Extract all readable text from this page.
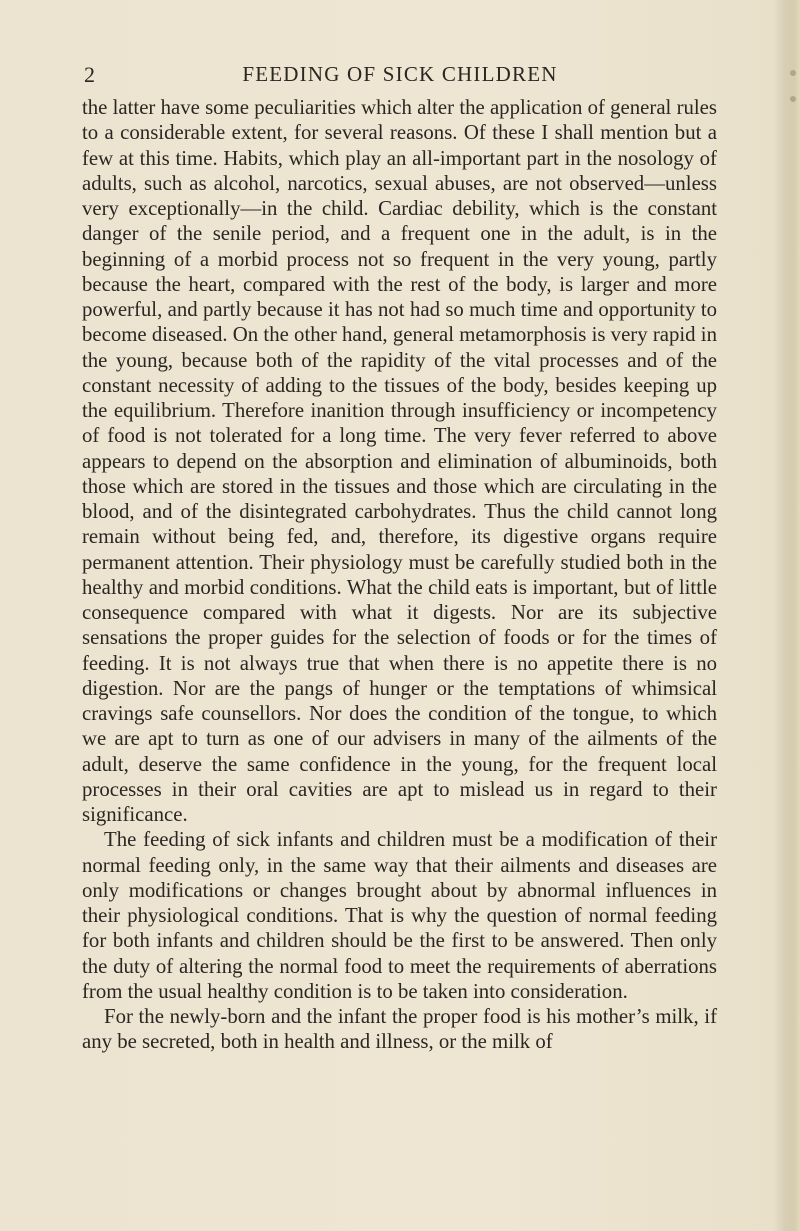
2	FEEDING OF SICK CHILDREN

the latter have some peculiarities which alter the application of general rules to a considerable extent, for several reasons. Of these I shall mention but a few at this time. Habits, which play an all-important part in the nosology of adults, such as alcohol, narcotics, sexual abuses, are not observed—unless very exceptionally—in the child. Cardiac debility, which is the constant danger of the senile period, and a frequent one in the adult, is in the beginning of a morbid process not so frequent in the very young, partly because the heart, compared with the rest of the body, is larger and more powerful, and partly because it has not had so much time and opportunity to become diseased. On the other hand, general metamorphosis is very rapid in the young, because both of the rapidity of the vital processes and of the constant necessity of adding to the tissues of the body, besides keeping up the equilibrium. Therefore inanition through insufficiency or incompetency of food is not tolerated for a long time. The very fever referred to above appears to depend on the absorption and elimination of albuminoids, both those which are stored in the tissues and those which are circulating in the blood, and of the disintegrated carbohydrates. Thus the child cannot long remain without being fed, and, therefore, its digestive organs require permanent attention. Their physiology must be carefully studied both in the healthy and morbid conditions. What the child eats is important, but of little consequence compared with what it digests. Nor are its subjective sensations the proper guides for the selection of foods or for the times of feeding. It is not always true that when there is no appetite there is no digestion. Nor are the pangs of hunger or the temptations of whimsical cravings safe counsellors. Nor does the condition of the tongue, to which we are apt to turn as one of our advisers in many of the ailments of the adult, deserve the same confidence in the young, for the frequent local processes in their oral cavities are apt to mislead us in regard to their significance.

The feeding of sick infants and children must be a modification of their normal feeding only, in the same way that their ailments and diseases are only modifications or changes brought about by abnormal influences in their physiological conditions. That is why the question of normal feeding for both infants and children should be the first to be answered. Then only the duty of altering the normal food to meet the requirements of aberrations from the usual healthy condition is to be taken into consideration.

For the newly-born and the infant the proper food is his mother’s milk, if any be secreted, both in health and illness, or the milk of
